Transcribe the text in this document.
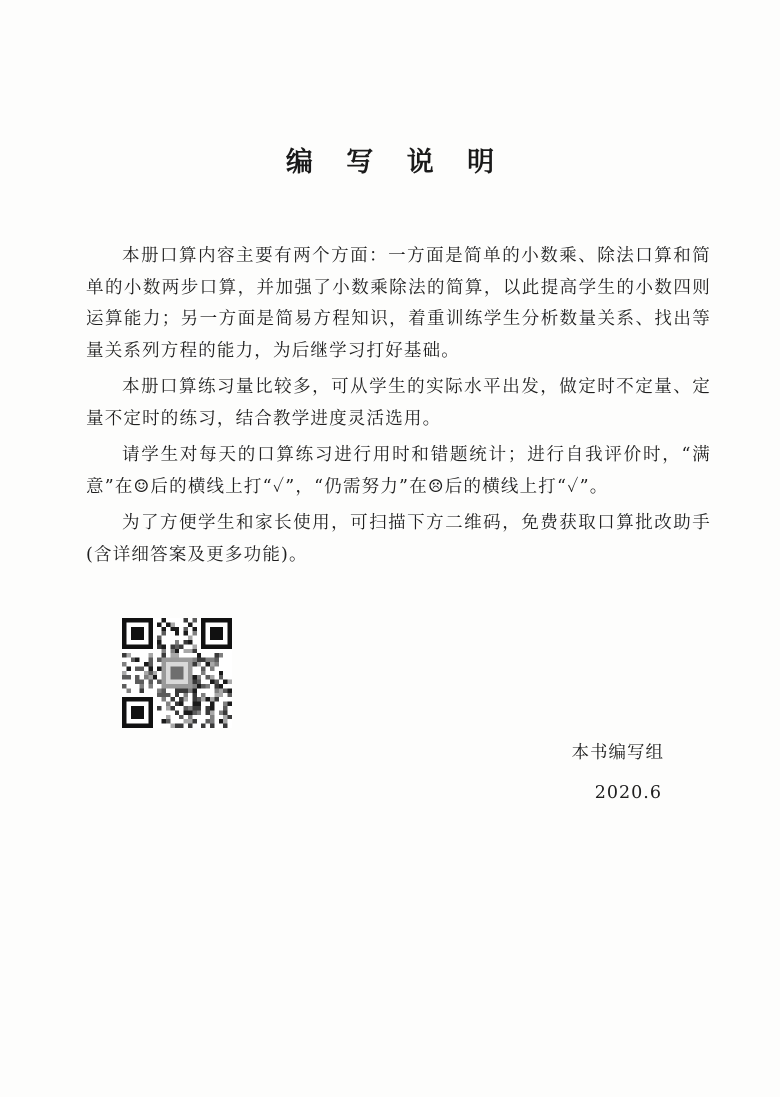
编 写 说 明

本册口算内容主要有两个方面：一方面是简单的小数乘、除法口算和简单的小数两步口算，并加强了小数乘除法的简算，以此提高学生的小数四则运算能力；另一方面是简易方程知识，着重训练学生分析数量关系、找出等量关系列方程的能力，为后继学习打好基础。

本册口算练习量比较多，可从学生的实际水平出发，做定时不定量、定量不定时的练习，结合教学进度灵活选用。

请学生对每天的口算练习进行用时和错题统计；进行自我评价时，“满意”在☺后的横线上打“✓”，“仍需努力”在☹后的横线上打“✓”。

为了方便学生和家长使用，可扫描下方二维码，免费获取口算批改助手(含详细答案及更多功能)。

本书编写组
2020.6
